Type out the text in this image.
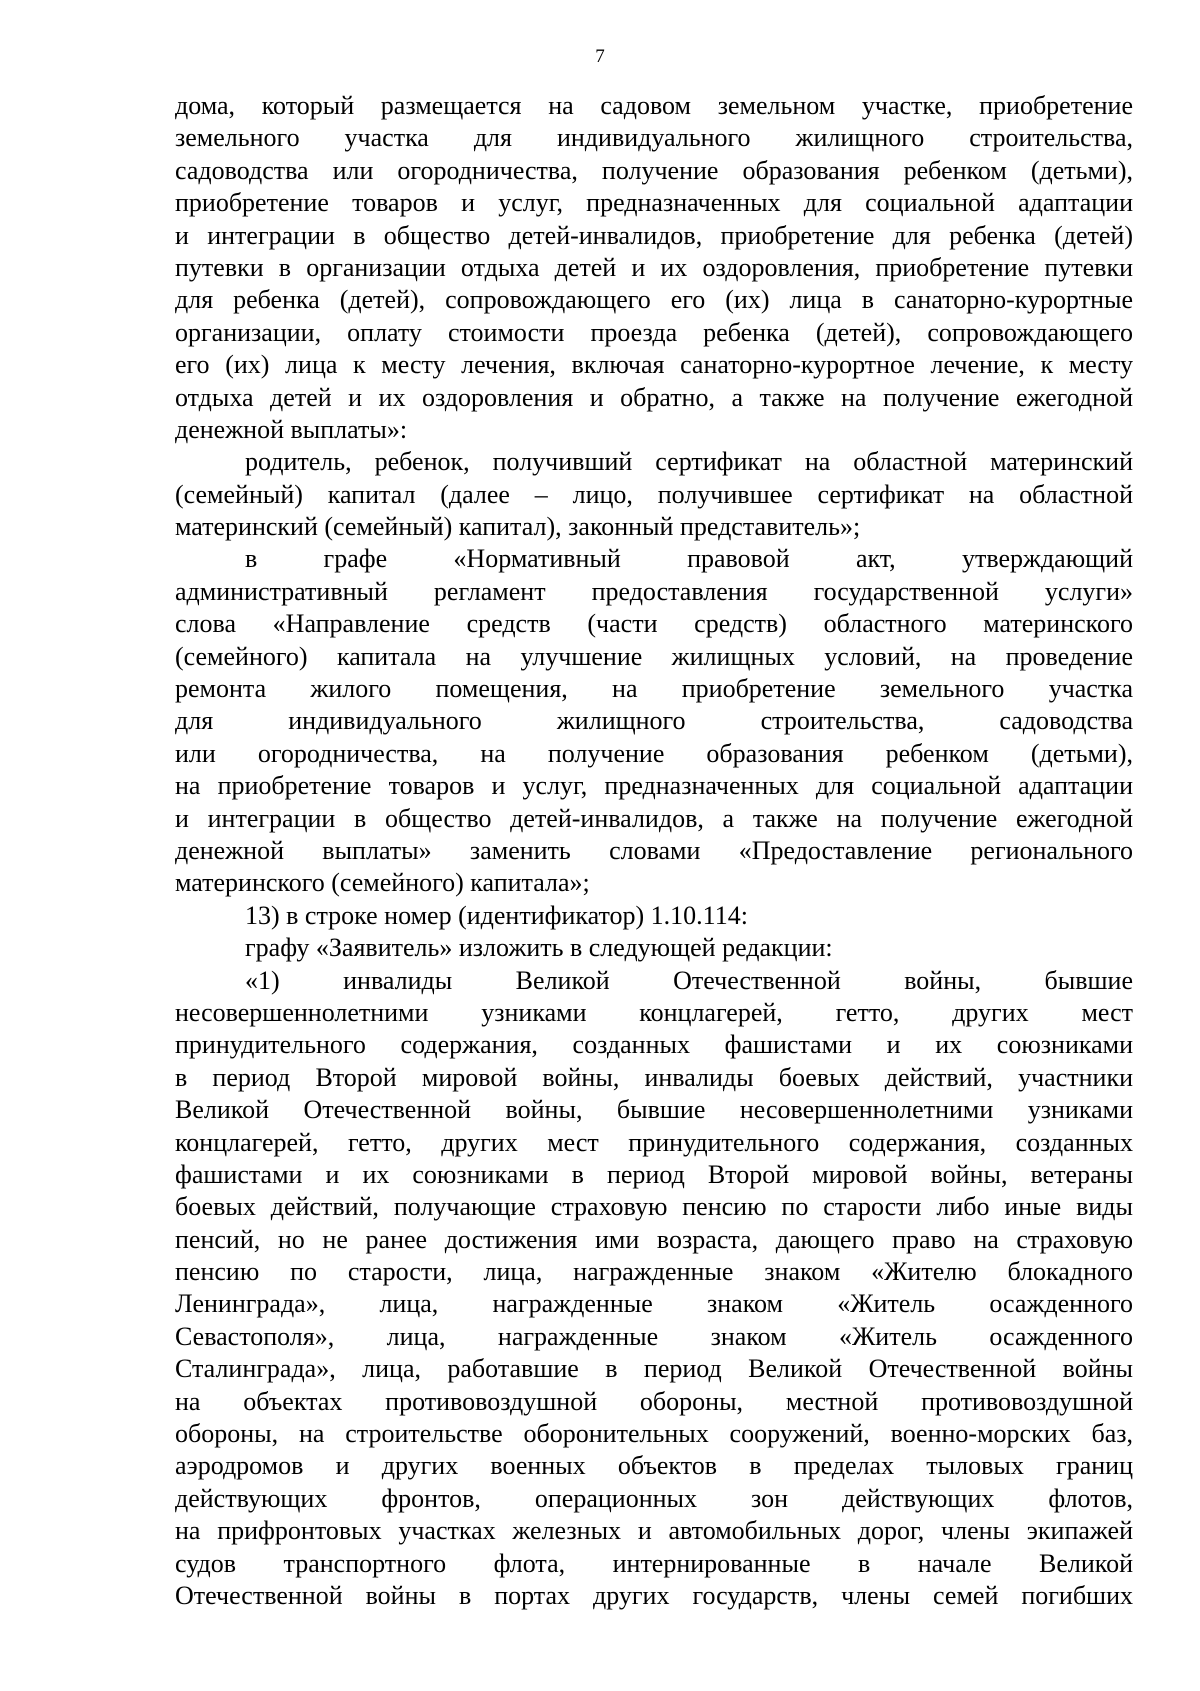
7
дома, который размещается на садовом земельном участке, приобретение
земельного участка для индивидуального жилищного строительства,
садоводства или огородничества, получение образования ребенком (детьми),
приобретение товаров и услуг, предназначенных для социальной адаптации
и интеграции в общество детей-инвалидов, приобретение для ребенка (детей)
путевки в организации отдыха детей и их оздоровления, приобретение путевки
для ребенка (детей), сопровождающего его (их) лица в санаторно-курортные
организации, оплату стоимости проезда ребенка (детей), сопровождающего
его (их) лица к месту лечения, включая санаторно-курортное лечение, к месту
отдыха детей и их оздоровления и обратно, а также на получение ежегодной
денежной выплаты»:
родитель, ребенок, получивший сертификат на областной материнский
(семейный) капитал (далее – лицо, получившее сертификат на областной
материнский (семейный) капитал), законный представитель»;
в графе «Нормативный правовой акт, утверждающий
административный регламент предоставления государственной услуги»
слова «Направление средств (части средств) областного материнского
(семейного) капитала на улучшение жилищных условий, на проведение
ремонта жилого помещения, на приобретение земельного участка
для индивидуального жилищного строительства, садоводства
или огородничества, на получение образования ребенком (детьми),
на приобретение товаров и услуг, предназначенных для социальной адаптации
и интеграции в общество детей-инвалидов, а также на получение ежегодной
денежной выплаты» заменить словами «Предоставление регионального
материнского (семейного) капитала»;
13) в строке номер (идентификатор) 1.10.114:
графу «Заявитель» изложить в следующей редакции:
«1) инвалиды Великой Отечественной войны, бывшие
несовершеннолетними узниками концлагерей, гетто, других мест
принудительного содержания, созданных фашистами и их союзниками
в период Второй мировой войны, инвалиды боевых действий, участники
Великой Отечественной войны, бывшие несовершеннолетними узниками
концлагерей, гетто, других мест принудительного содержания, созданных
фашистами и их союзниками в период Второй мировой войны, ветераны
боевых действий, получающие страховую пенсию по старости либо иные виды
пенсий, но не ранее достижения ими возраста, дающего право на страховую
пенсию по старости, лица, награжденные знаком «Жителю блокадного
Ленинграда», лица, награжденные знаком «Житель осажденного
Севастополя», лица, награжденные знаком «Житель осажденного
Сталинграда», лица, работавшие в период Великой Отечественной войны
на объектах противовоздушной обороны, местной противовоздушной
обороны, на строительстве оборонительных сооружений, военно-морских баз,
аэродромов и других военных объектов в пределах тыловых границ
действующих фронтов, операционных зон действующих флотов,
на прифронтовых участках железных и автомобильных дорог, члены экипажей
судов транспортного флота, интернированные в начале Великой
Отечественной войны в портах других государств, члены семей погибших
